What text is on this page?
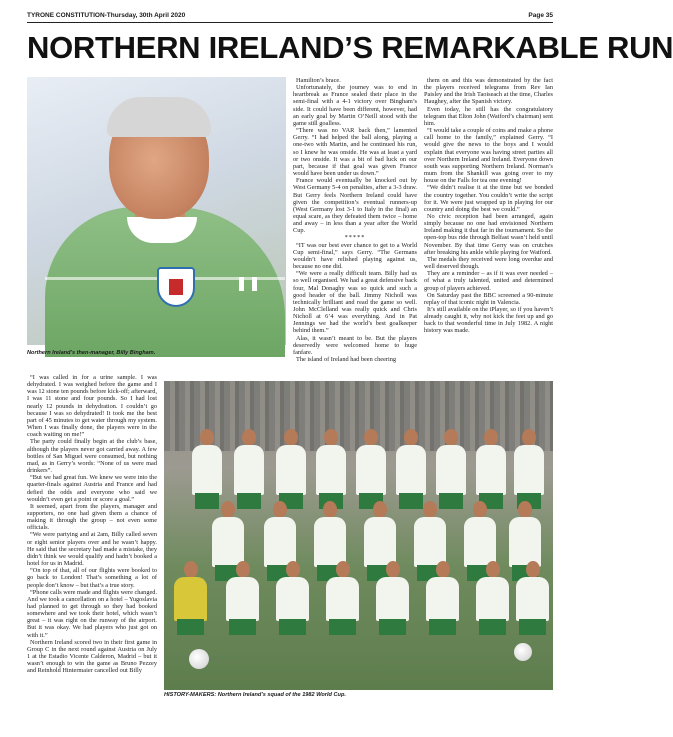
TYRONE CONSTITUTION-Thursday, 30th April 2020	Page 35
NORTHERN IRELAND’S REMARKABLE RUN
Northern Ireland’s then-manager, Billy Bingham.

Hamilton’s brace.

Unfortunately, the journey was to end in heartbreak as France sealed their place in the semi-final with a 4-1 victory over Bingham’s side. It could have been different, however, had an early goal by Martin O’Neill stood with the game still goalless.

“There was no VAR back then,” lamented Gerry. “I had helped the ball along, playing a one-two with Martin, and he continued his run, so I knew he was onside. He was at least a yard or two onside. It was a bit of bad luck on our part, because if that goal was given France would have been under us down.”

France would eventually be knocked out by West Germany 5-4 on penalties, after a 3-3 draw. But Gerry feels Northern Ireland could have given the competition’s eventual runners-up (West Germany lost 3-1 to Italy in the final) an equal scare, as they defeated them twice – home and away – in less than a year after the World Cup.

*****

“IT was our best ever chance to get to a World Cup semi-final,” says Gerry. “The Germans wouldn’t have relished playing against us, because no one did.

“We were a really difficult team. Billy had us so well organised. We had a great defensive back four, Mal Donaghy was so quick and such a good header of the ball. Jimmy Nicholl was technically brilliant and read the game so well. John McClelland was really quick and Chris Nicholl at 6’4 was everything. And in Pat Jennings we had the world’s best goalkeeper behind them.”

Alas, it wasn’t meant to be. But the players deservedly were welcomed home to huge fanfare.

The island of Ireland had been cheering

them on and this was demonstrated by the fact the players received telegrams from Rev Ian Paisley and the Irish Taoiseach at the time, Charles Haughey, after the Spanish victory.

Even today, he still has the congratulatory telegram that Elton John (Watford’s chairman) sent him.

“I would take a couple of coins and make a phone call home to the family,” explained Gerry. “I would give the news to the boys and I would explain that everyone was having street parties all over Northern Ireland and Ireland. Everyone down south was supporting Northern Ireland. Norman’s mum from the Shankill was going over to my house on the Falls for tea one evening!

“We didn’t realise it at the time but we bonded the country together. You couldn’t write the script for it. We were just wrapped up in playing for our country and doing the best we could.”

No civic reception had been arranged, again simply because no one had envisioned Northern Ireland making it that far in the tournament. So the open-top bus ride through Belfast wasn’t held until November. By that time Gerry was on crutches after breaking his ankle while playing for Watford.

The medals they received were long overdue and well deserved though.

They are a reminder – as if it was ever needed – of what a truly talented, united and determined group of players achieved.

On Saturday past the BBC screened a 90-minute replay of that iconic night in Valencia.

It’s still available on the iPlayer, so if you haven’t already caught it, why not kick the feet up and go back to that wonderful time in July 1982. A night history was made.

“I was called in for a urine sample. I was dehydrated. I was weighed before the game and I was 12 stone ten pounds before kick-off; afterward, I was 11 stone and four pounds. So I had lost nearly 12 pounds in dehydration. I couldn’t go because I was so dehydrated! It took me the best part of 45 minutes to get water through my system. When I was finally done, the players were in the coach waiting on me!”

The party could finally begin at the club’s base, although the players never got carried away. A few bottles of San Miguel were consumed, but nothing mad, as in Gerry’s words: “None of us were mad drinkers”.

“But we had great fun. We knew we were into the quarter-finals against Austria and France and had defied the odds and everyone who said we wouldn’t even get a point or score a goal.”

It seemed, apart from the players, manager and supporters, no one had given them a chance of making it through the group – not even some officials.

“We were partying and at 2am, Billy called seven or eight senior players over and he wasn’t happy. He said that the secretary had made a mistake, they didn’t think we would qualify and hadn’t booked a hotel for us in Madrid.

“On top of that, all of our flights were booked to go back to London! That’s something a lot of people don’t know – but that’s a true story.

“Phone calls were made and flights were changed. And we took a cancellation on a hotel – Yugoslavia had planned to get through so they had booked somewhere and we took their hotel, which wasn’t great – it was right on the runway of the airport. But it was okay. We had players who just got on with it.”

Northern Ireland scored two in their first game in Group C in the next round against Austria on July 1 at the Estadio Vicente Calderon, Madrid – but it wasn’t enough to win the game as Bruno Pezzey and Reinhold Hintermaier cancelled out Billy

HISTORY-MAKERS: Northern Ireland’s squad of the 1982 World Cup.
